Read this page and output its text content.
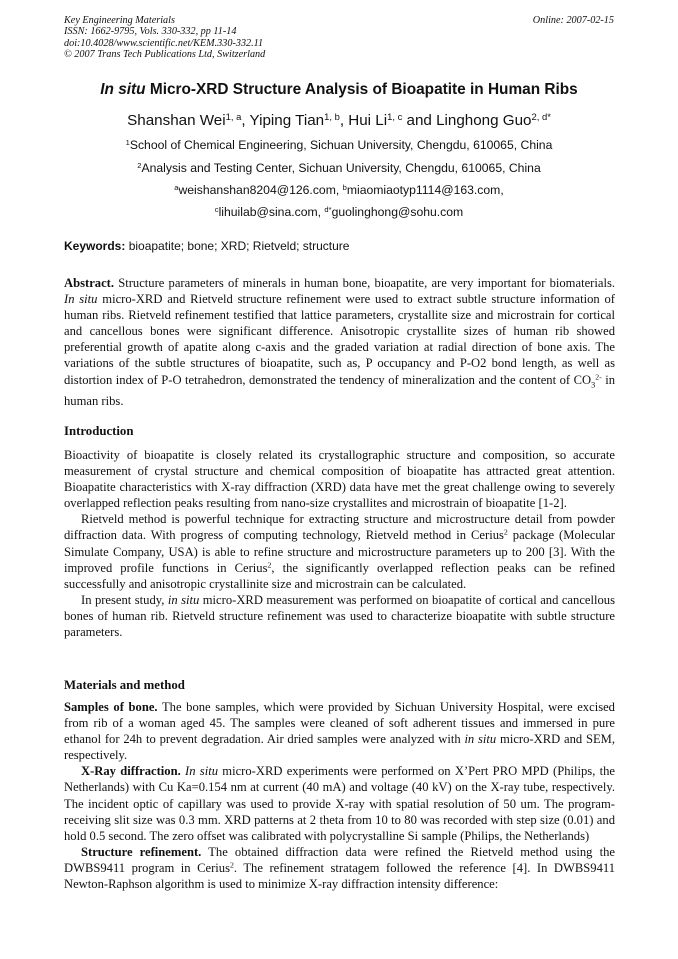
Key Engineering Materials
ISSN: 1662-9795, Vols. 330-332, pp 11-14
doi:10.4028/www.scientific.net/KEM.330-332.11
© 2007 Trans Tech Publications Ltd, Switzerland
Online: 2007-02-15
In situ Micro-XRD Structure Analysis of Bioapatite in Human Ribs
Shanshan Wei$^{1, a}$, Yiping Tian$^{1, b}$, Hui Li$^{1, c}$ and Linghong Guo$^{2, d*}$
$^1$School of Chemical Engineering, Sichuan University, Chengdu, 610065, China
$^2$Analysis and Testing Center, Sichuan University, Chengdu, 610065, China
$^a$weishanshan8204@126.com, $^b$miaomiaotyp1114@163.com,
$^c$lihuilab@sina.com, $^{d*}$guolinghong@sohu.com
Keywords: bioapatite; bone; XRD; Rietveld; structure

Abstract. Structure parameters of minerals in human bone, bioapatite, are very important for biomaterials. In situ micro-XRD and Rietveld structure refinement were used to extract subtle structure information of human ribs. Rietveld refinement testified that lattice parameters, crystallite size and microstrain for cortical and cancellous bones were significant difference. Anisotropic crystallite sizes of human rib showed preferential growth of apatite along c-axis and the graded variation at radial direction of bone axis. The variations of the subtle structures of bioapatite, such as, P occupancy and P-O2 bond length, as well as distortion index of P-O tetrahedron, demonstrated the tendency of mineralization and the content of $CO_3^{2-}$ in human ribs.

Introduction

Bioactivity of bioapatite is closely related its crystallographic structure and composition, so accurate measurement of crystal structure and chemical composition of bioapatite has attracted great attention. Bioapatite characteristics with X-ray diffraction (XRD) data have met the great challenge owing to severely overlapped reflection peaks resulting from nano-size crystallites and microstrain of bioapatite [1-2].

Rietveld method is powerful technique for extracting structure and microstructure detail from powder diffraction data. With progress of computing technology, Rietveld method in Cerius$^2$ package (Molecular Simulate Company, USA) is able to refine structure and microstructure parameters up to 200 [3]. With the improved profile functions in Cerius$^2$, the significantly overlapped reflection peaks can be refined successfully and anisotropic crystallinite size and microstrain can be calculated.

In present study, in situ micro-XRD measurement was performed on bioapatite of cortical and cancellous bones of human rib. Rietveld structure refinement was used to characterize bioapatite with subtle structure parameters.

Materials and method

Samples of bone. The bone samples, which were provided by Sichuan University Hospital, were excised from rib of a woman aged 45. The samples were cleaned of soft adherent tissues and immersed in pure ethanol for 24h to prevent degradation. Air dried samples were analyzed with in situ micro-XRD and SEM, respectively.

X-Ray diffraction. In situ micro-XRD experiments were performed on X’Pert PRO MPD (Philips, the Netherlands) with Cu Ka=0.154 nm at current (40 mA) and voltage (40 kV) on the X-ray tube, respectively. The incident optic of capillary was used to provide X-ray with spatial resolution of 50 um. The program-receiving slit size was 0.3 mm. XRD patterns at 2 theta from 10 to 80 was recorded with step size (0.01) and hold 0.5 second. The zero offset was calibrated with polycrystalline Si sample (Philips, the Netherlands)

Structure refinement. The obtained diffraction data were refined the Rietveld method using the DWBS9411 program in Cerius$^2$. The refinement stratagem followed the reference [4]. In DWBS9411 Newton-Raphson algorithm is used to minimize X-ray diffraction intensity difference:
